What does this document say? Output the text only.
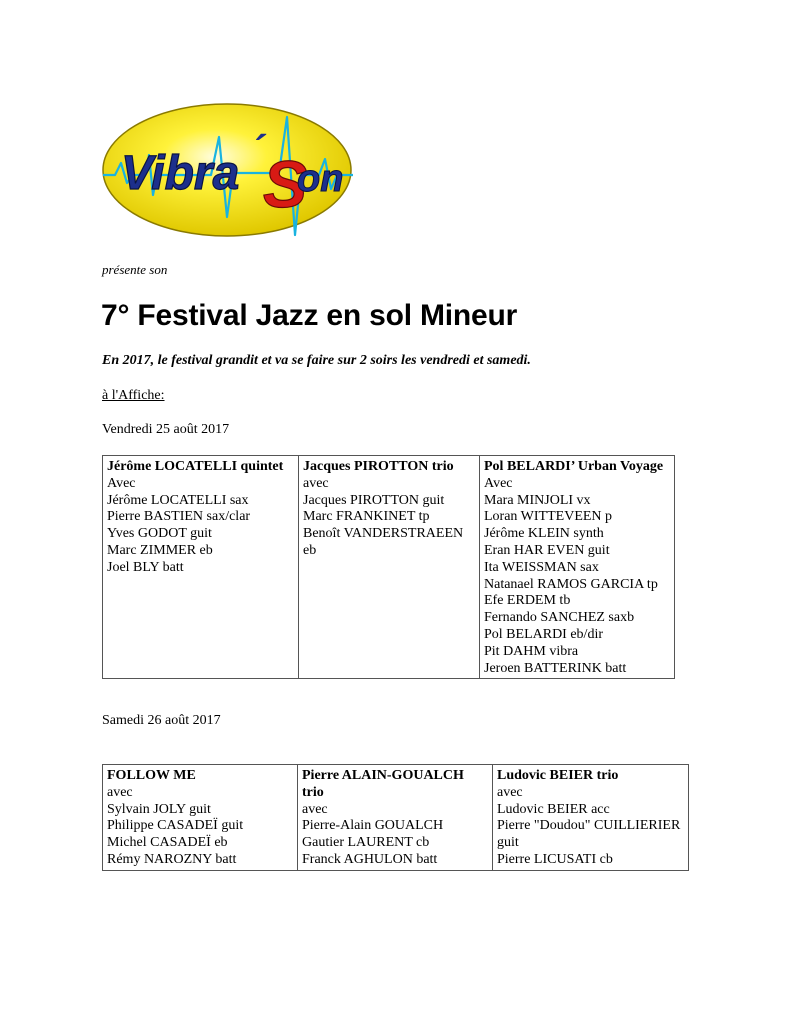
Vibra ´
S
on
présente son
7° Festival Jazz en sol Mineur
En 2017, le festival grandit et va se faire sur 2 soirs les vendredi et samedi.
à l'Affiche:
Vendredi 25 août 2017
Jérôme LOCATELLI quintet
Avec
Jérôme LOCATELLI sax
Pierre BASTIEN sax/clar
Yves GODOT guit
Marc ZIMMER eb
Joel BLY batt

Jacques PIROTTON trio
avec
Jacques PIROTTON guit
Marc FRANKINET tp
Benoît VANDERSTRAEEN eb

Pol BELARDI’ Urban Voyage
Avec
Mara MINJOLI vx
Loran WITTEVEEN p
Jérôme KLEIN synth
Eran HAR EVEN guit
Ita WEISSMAN sax
Natanael RAMOS GARCIA tp
Efe ERDEM tb
Fernando SANCHEZ saxb
Pol BELARDI eb/dir
Pit DAHM vibra
Jeroen BATTERINK batt
Samedi 26 août 2017
FOLLOW ME
avec
Sylvain JOLY guit
Philippe CASADEÏ guit
Michel CASADEÏ eb
Rémy NAROZNY batt

Pierre ALAIN-GOUALCH trio
avec
Pierre-Alain GOUALCH
Gautier LAURENT cb
Franck AGHULON batt

Ludovic BEIER trio
avec
Ludovic BEIER acc
Pierre "Doudou" CUILLIERIER guit
Pierre LICUSATI cb
